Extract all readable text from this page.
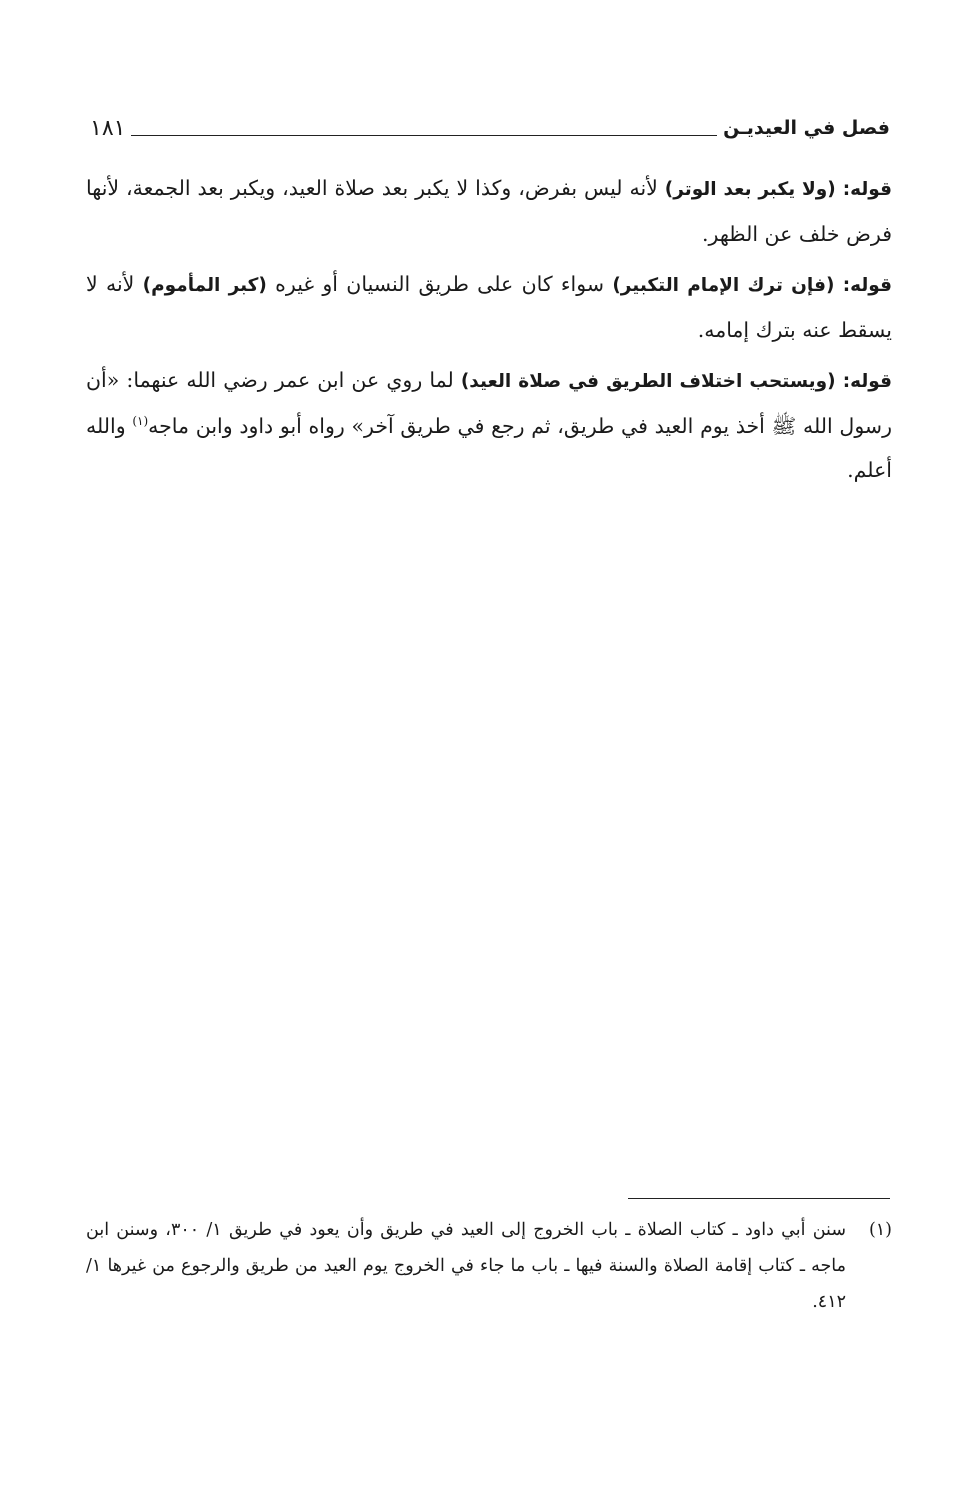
فصل في العيديـن
١٨١

قوله: (ولا يكبر بعد الوتر) لأنه ليس بفرض، وكذا لا يكبر بعد صلاة العيد، ويكبر بعد الجمعة، لأنها فرض خلف عن الظهر.

قوله: (فإن ترك الإمام التكبير) سواء كان على طريق النسيان أو غيره (كبر المأموم) لأنه لا يسقط عنه بترك إمامه.

قوله: (ويستحب اختلاف الطريق في صلاة العيد) لما روي عن ابن عمر رضي الله عنهما: «أن رسول الله ﷺ أخذ يوم العيد في طريق، ثم رجع في طريق آخر» رواه أبو داود وابن ماجه$^{(١)}$ والله أعلم.

(١)
سنن أبي داود ـ كتاب الصلاة ـ باب الخروج إلى العيد في طريق وأن يعود في طريق ١/ ٣٠٠، وسنن ابن ماجه ـ كتاب إقامة الصلاة والسنة فيها ـ باب ما جاء في الخروج يوم العيد من طريق والرجوع من غيرها ١/ ٤١٢.
